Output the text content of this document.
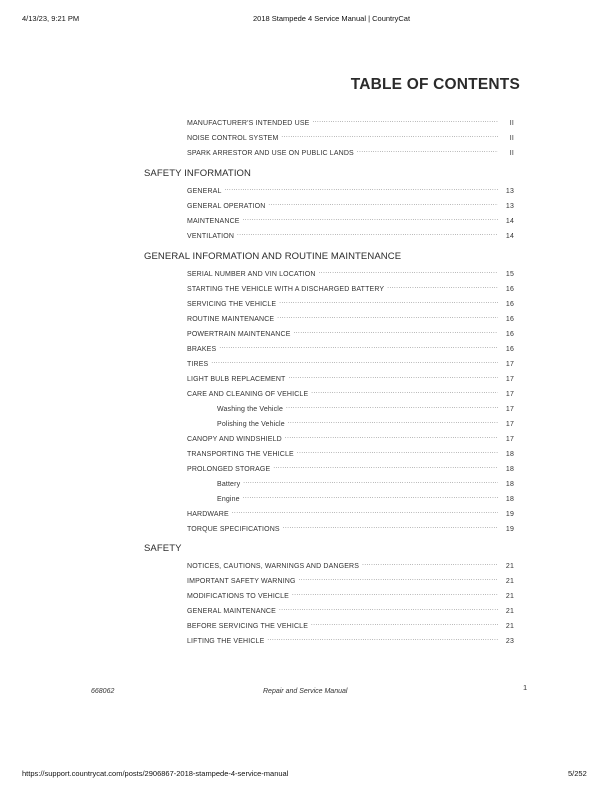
4/13/23, 9:21 PM	2018 Stampede 4 Service Manual | CountryCat
TABLE OF CONTENTS
MANUFACTURER'S INTENDED USE .....	II
NOISE CONTROL SYSTEM .....	II
SPARK ARRESTOR AND USE ON PUBLIC LANDS .....	II
SAFETY INFORMATION
GENERAL .....	13
GENERAL OPERATION .....	13
MAINTENANCE .....	14
VENTILATION .....	14
GENERAL INFORMATION AND ROUTINE MAINTENANCE
SERIAL NUMBER AND VIN LOCATION .....	15
STARTING THE VEHICLE WITH A DISCHARGED BATTERY .....	16
SERVICING THE VEHICLE .....	16
ROUTINE MAINTENANCE .....	16
POWERTRAIN MAINTENANCE .....	16
BRAKES .....	16
TIRES .....	17
LIGHT BULB REPLACEMENT .....	17
CARE AND CLEANING OF VEHICLE .....	17
Washing the Vehicle .....	17
Polishing the Vehicle .....	17
CANOPY AND WINDSHIELD .....	17
TRANSPORTING THE VEHICLE .....	18
PROLONGED STORAGE .....	18
Battery .....	18
Engine .....	18
HARDWARE .....	19
TORQUE SPECIFICATIONS .....	19
SAFETY
NOTICES, CAUTIONS, WARNINGS AND DANGERS .....	21
IMPORTANT SAFETY WARNING .....	21
MODIFICATIONS TO VEHICLE .....	21
GENERAL MAINTENANCE .....	21
BEFORE SERVICING THE VEHICLE .....	21
LIFTING THE VEHICLE .....	23
668062	Repair and Service Manual	1
https://support.countrycat.com/posts/2906867-2018-stampede-4-service-manual	5/252
